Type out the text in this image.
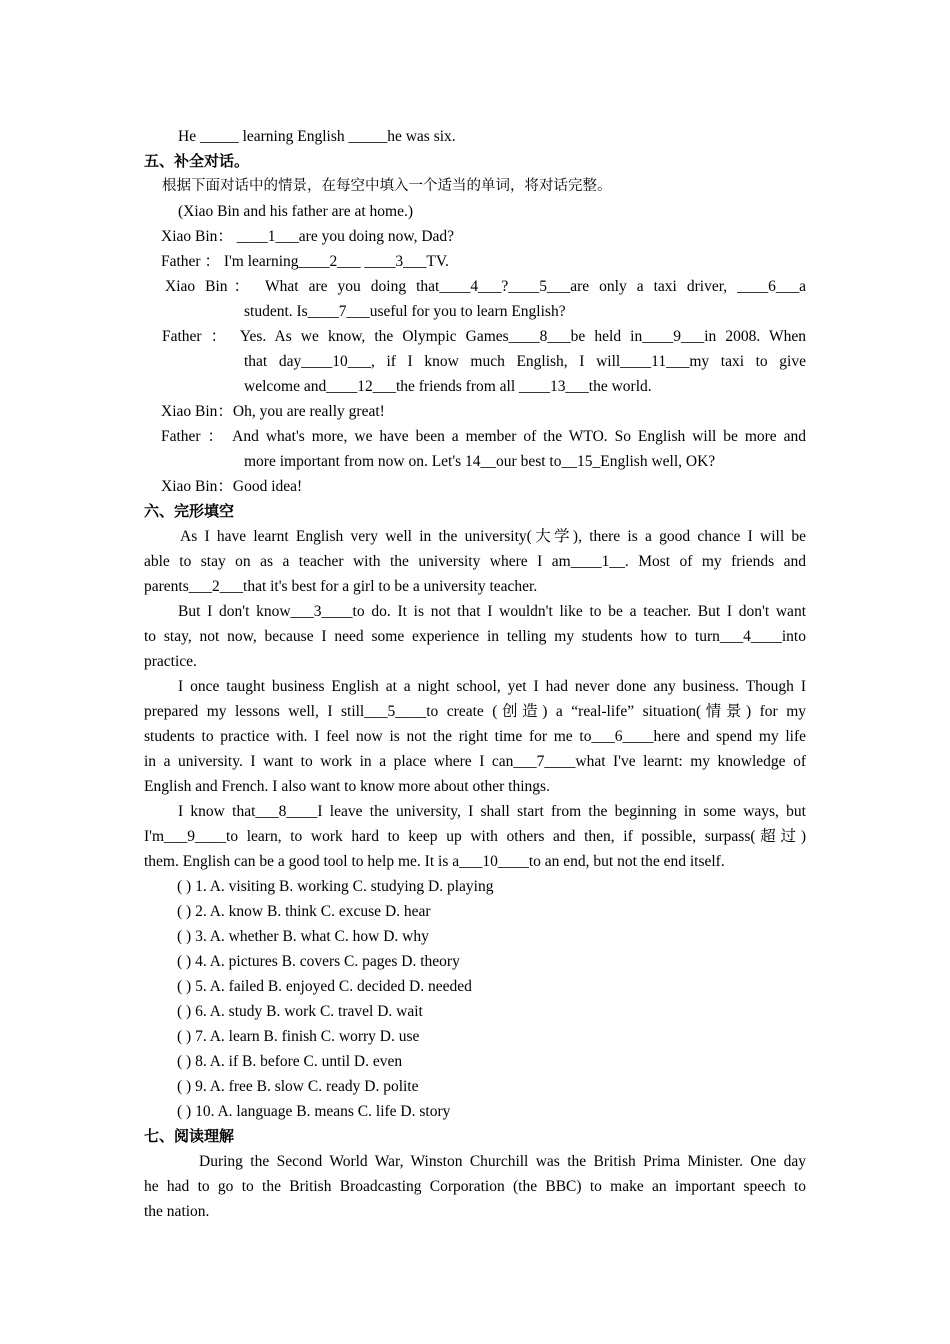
He _____ learning English _____he was six.
五、补全对话。
根据下面对话中的情景，在每空中填入一个适当的单词，将对话完整。
(Xiao Bin and his father are at home.)
Xiao Bin： ____1___are you doing now, Dad?
Father ： I'm learning____2___ ____3___TV.
Xiao Bin： What are you doing that____4___?____5___are only a taxi driver, ____6___a
student. Is____7___useful for you to learn English?
Father ： Yes. As we know, the Olympic Games____8___be held in____9___in 2008. When
that day____10___, if I know much English, I will____11___my taxi to give
welcome and____12___the friends from all ____13___the world.
Xiao Bin：Oh, you are really great!
Father ： And what's more, we have been a member of the WTO. So English will be more and
more important from now on. Let's 14__our best to__15_English well, OK?
Xiao Bin：Good idea!
六、完形填空
As I have learnt English very well in the university(大学), there is a good chance I will be
able to stay on as a teacher with the university where I am____1__. Most of my friends and
parents___2___that it's best for a girl to be a university teacher.
But I don't know___3____to do. It is not that I wouldn't like to be a teacher. But I don't want
to stay, not now, because I need some experience in telling my students how to turn___4____into
practice.
I once taught business English at a night school, yet I had never done any business. Though I
prepared my lessons well, I still___5____to create (创造) a “real-life” situation(情景) for my
students to practice with. I feel now is not the right time for me to___6____here and spend my life
in a university. I want to work in a place where I can___7____what I've learnt: my knowledge of
English and French. I also want to know more about other things.
I know that___8____I leave the university, I shall start from the beginning in some ways, but
I'm___9____to learn, to work hard to keep up with others and then, if possible, surpass(超过)
them. English can be a good tool to help me. It is a___10____to an end, but not the end itself.
( ) 1. A. visiting B. working C. studying D. playing
( ) 2. A. know B. think C. excuse D. hear
( ) 3. A. whether B. what C. how D. why
( ) 4. A. pictures B. covers C. pages D. theory
( ) 5. A. failed B. enjoyed C. decided D. needed
( ) 6. A. study B. work C. travel D. wait
( ) 7. A. learn B. finish C. worry D. use
( ) 8. A. if B. before C. until D. even
( ) 9. A. free B. slow C. ready D. polite
( ) 10. A. language B. means C. life D. story
七、阅读理解
During the Second World War, Winston Churchill was the British Prima Minister. One day
he had to go to the British Broadcasting Corporation (the BBC) to make an important speech to
the nation.
